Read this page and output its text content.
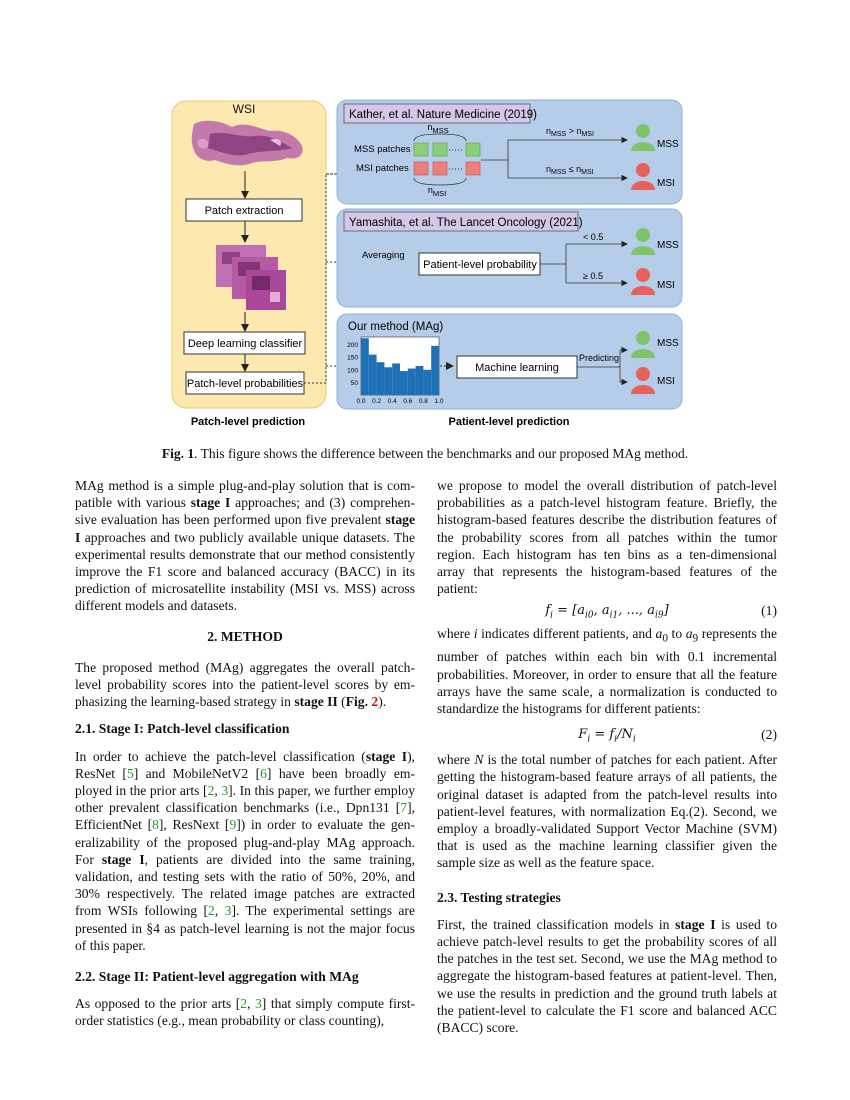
WSI
Patch extraction
Deep learning classifier
Patch-level probabilities
Kather, et al. Nature Medicine (2019)
$n_{MSS}$
MSS patches
MSI patches
$n_{MSI}$
$n_{MSS} > n_{MSI}$
$n_{MSS} \le n_{MSI}$
MSS
MSI
Yamashita, et al. The Lancet Oncology (2021)
Averaging
Patient-level probability
< 0.5
≥ 0.5
MSS
MSI
Our method (MAg)
50
100
150
200
0.0 0.2 0.4 0.6 0.8 1.0
Machine learning
Predicting
MSS
MSI
Patch-level prediction	Patient-level prediction
Fig. 1. This figure shows the difference between the benchmarks and our proposed MAg method.

MAg method is a simple plug-and-play solution that is com-patible with various stage I approaches; and (3) comprehen-sive evaluation has been performed upon five prevalent stage I approaches and two publicly available unique datasets. The experimental results demonstrate that our method consistently improve the F1 score and balanced accuracy (BACC) in its prediction of microsatellite instability (MSI vs. MSS) across different models and datasets.

2. METHOD

The proposed method (MAg) aggregates the overall patch-level probability scores into the patient-level scores by em-phasizing the learning-based strategy in stage II (Fig. 2).

2.1. Stage I: Patch-level classification

In order to achieve the patch-level classification (stage I), ResNet [5] and MobileNetV2 [6] have been broadly em-ployed in the prior arts [2, 3]. In this paper, we further employ other prevalent classification benchmarks (i.e., Dpn131 [7], EfficientNet [8], ResNext [9]) in order to evaluate the gen-eralizability of the proposed plug-and-play MAg approach. For stage I, patients are divided into the same training, validation, and testing sets with the ratio of 50%, 20%, and 30% respectively. The related image patches are extracted from WSIs following [2, 3]. The experimental settings are presented in §4 as patch-level learning is not the major focus of this paper.

2.2. Stage II: Patient-level aggregation with MAg

As opposed to the prior arts [2, 3] that simply compute first-order statistics (e.g., mean probability or class counting),

we propose to model the overall distribution of patch-level probabilities as a patch-level histogram feature. Briefly, the histogram-based features describe the distribution features of the probability scores from all patches within the tumor region. Each histogram has ten bins as a ten-dimensional array that represents the histogram-based features of the patient:

$f_i = [a_{i0}$, $a_{i1}$, ..., $a_{i9}$]	(1)

where i indicates different patients, and $a_0$ to $a_9$ represents the number of patches within each bin with 0.1 incremental probabilities. Moreover, in order to ensure that all the feature arrays have the same scale, a normalization is conducted to standardize the histograms for different patients:

$F_i = f_i/N_i$	(2)

where N is the total number of patches for each patient. After getting the histogram-based feature arrays of all patients, the original dataset is adapted from the patch-level results into patient-level features, with normalization Eq.(2). Second, we employ a broadly-validated Support Vector Machine (SVM) that is used as the machine learning classifier given the sample size as well as the feature space.

2.3. Testing strategies

First, the trained classification models in stage I is used to achieve patch-level results to get the probability scores of all the patches in the test set. Second, we use the MAg method to aggregate the histogram-based features at patient-level. Then, we use the results in prediction and the ground truth labels at the patient-level to calculate the F1 score and balanced ACC (BACC) score.
